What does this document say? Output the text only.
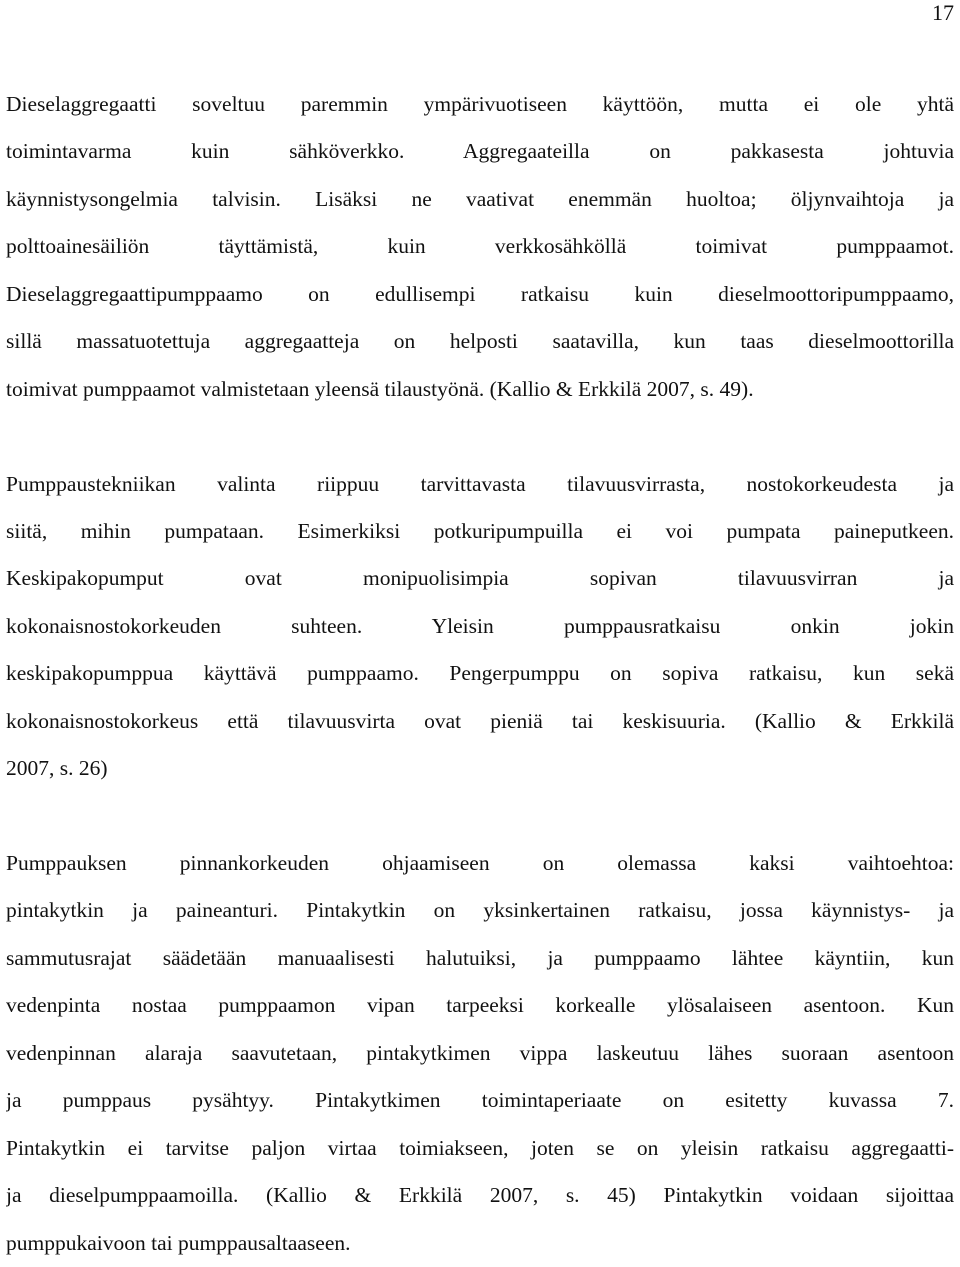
17
Dieselaggregaatti soveltuu paremmin ympärivuotiseen käyttöön, mutta ei ole yhtä
toimintavarma kuin sähköverkko. Aggregaateilla on pakkasesta johtuvia
käynnistysongelmia talvisin. Lisäksi ne vaativat enemmän huoltoa; öljynvaihtoja ja
polttoainesäiliön täyttämistä, kuin verkkosähköllä toimivat pumppaamot.
Dieselaggregaattipumppaamo on edullisempi ratkaisu kuin dieselmoottoripumppaamo,
sillä massatuotettuja aggregaatteja on helposti saatavilla, kun taas dieselmoottorilla
toimivat pumppaamot valmistetaan yleensä tilaustyönä. (Kallio & Erkkilä 2007, s. 49).
Pumppaustekniikan valinta riippuu tarvittavasta tilavuusvirrasta, nostokorkeudesta ja
siitä, mihin pumpataan. Esimerkiksi potkuripumpuilla ei voi pumpata paineputkeen.
Keskipakopumput ovat monipuolisimpia sopivan tilavuusvirran ja
kokonaisnostokorkeuden suhteen. Yleisin pumppausratkaisu onkin jokin
keskipakopumppua käyttävä pumppaamo. Pengerpumppu on sopiva ratkaisu, kun sekä
kokonaisnostokorkeus että tilavuusvirta ovat pieniä tai keskisuuria. (Kallio & Erkkilä
2007, s. 26)
Pumppauksen pinnankorkeuden ohjaamiseen on olemassa kaksi vaihtoehtoa:
pintakytkin ja paineanturi. Pintakytkin on yksinkertainen ratkaisu, jossa käynnistys- ja
sammutusrajat säädetään manuaalisesti halutuiksi, ja pumppaamo lähtee käyntiin, kun
vedenpinta nostaa pumppaamon vipan tarpeeksi korkealle ylösalaiseen asentoon. Kun
vedenpinnan alaraja saavutetaan, pintakytkimen vippa laskeutuu lähes suoraan asentoon
ja pumppaus pysähtyy. Pintakytkimen toimintaperiaate on esitetty kuvassa 7.
Pintakytkin ei tarvitse paljon virtaa toimiakseen, joten se on yleisin ratkaisu aggregaatti-
ja dieselpumppaamoilla. (Kallio & Erkkilä 2007, s. 45) Pintakytkin voidaan sijoittaa
pumppukaivoon tai pumppausaltaaseen.
